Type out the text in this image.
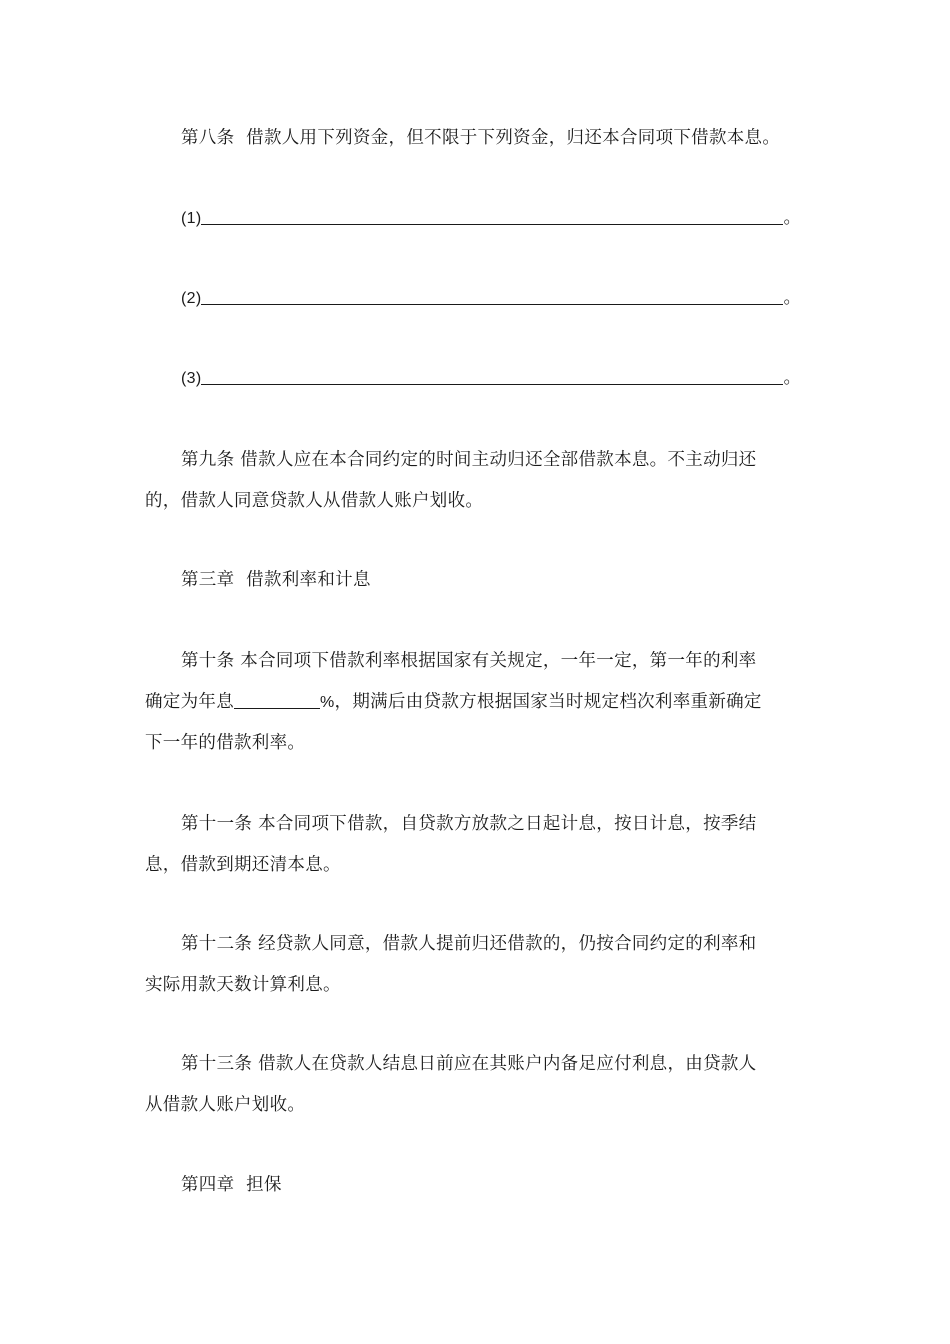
第八条 借款人用下列资金，但不限于下列资金，归还本合同项下借款本息。

(1)	。

(2)	。

(3)	。

第九条 借款人应在本合同约定的时间主动归还全部借款本息。不主动归还
的，借款人同意贷款人从借款人账户划收。

第三章 借款利率和计息

第十条 本合同项下借款利率根据国家有关规定，一年一定，第一年的利率
确定为年息	%，期满后由贷款方根据国家当时规定档次利率重新确定
下一年的借款利率。
第十一条 本合同项下借款，自贷款方放款之日起计息，按日计息，按季结
息，借款到期还清本息。
第十二条 经贷款人同意，借款人提前归还借款的，仍按合同约定的利率和
实际用款天数计算利息。
第十三条 借款人在贷款人结息日前应在其账户内备足应付利息，由贷款人
从借款人账户划收。

第四章 担保
